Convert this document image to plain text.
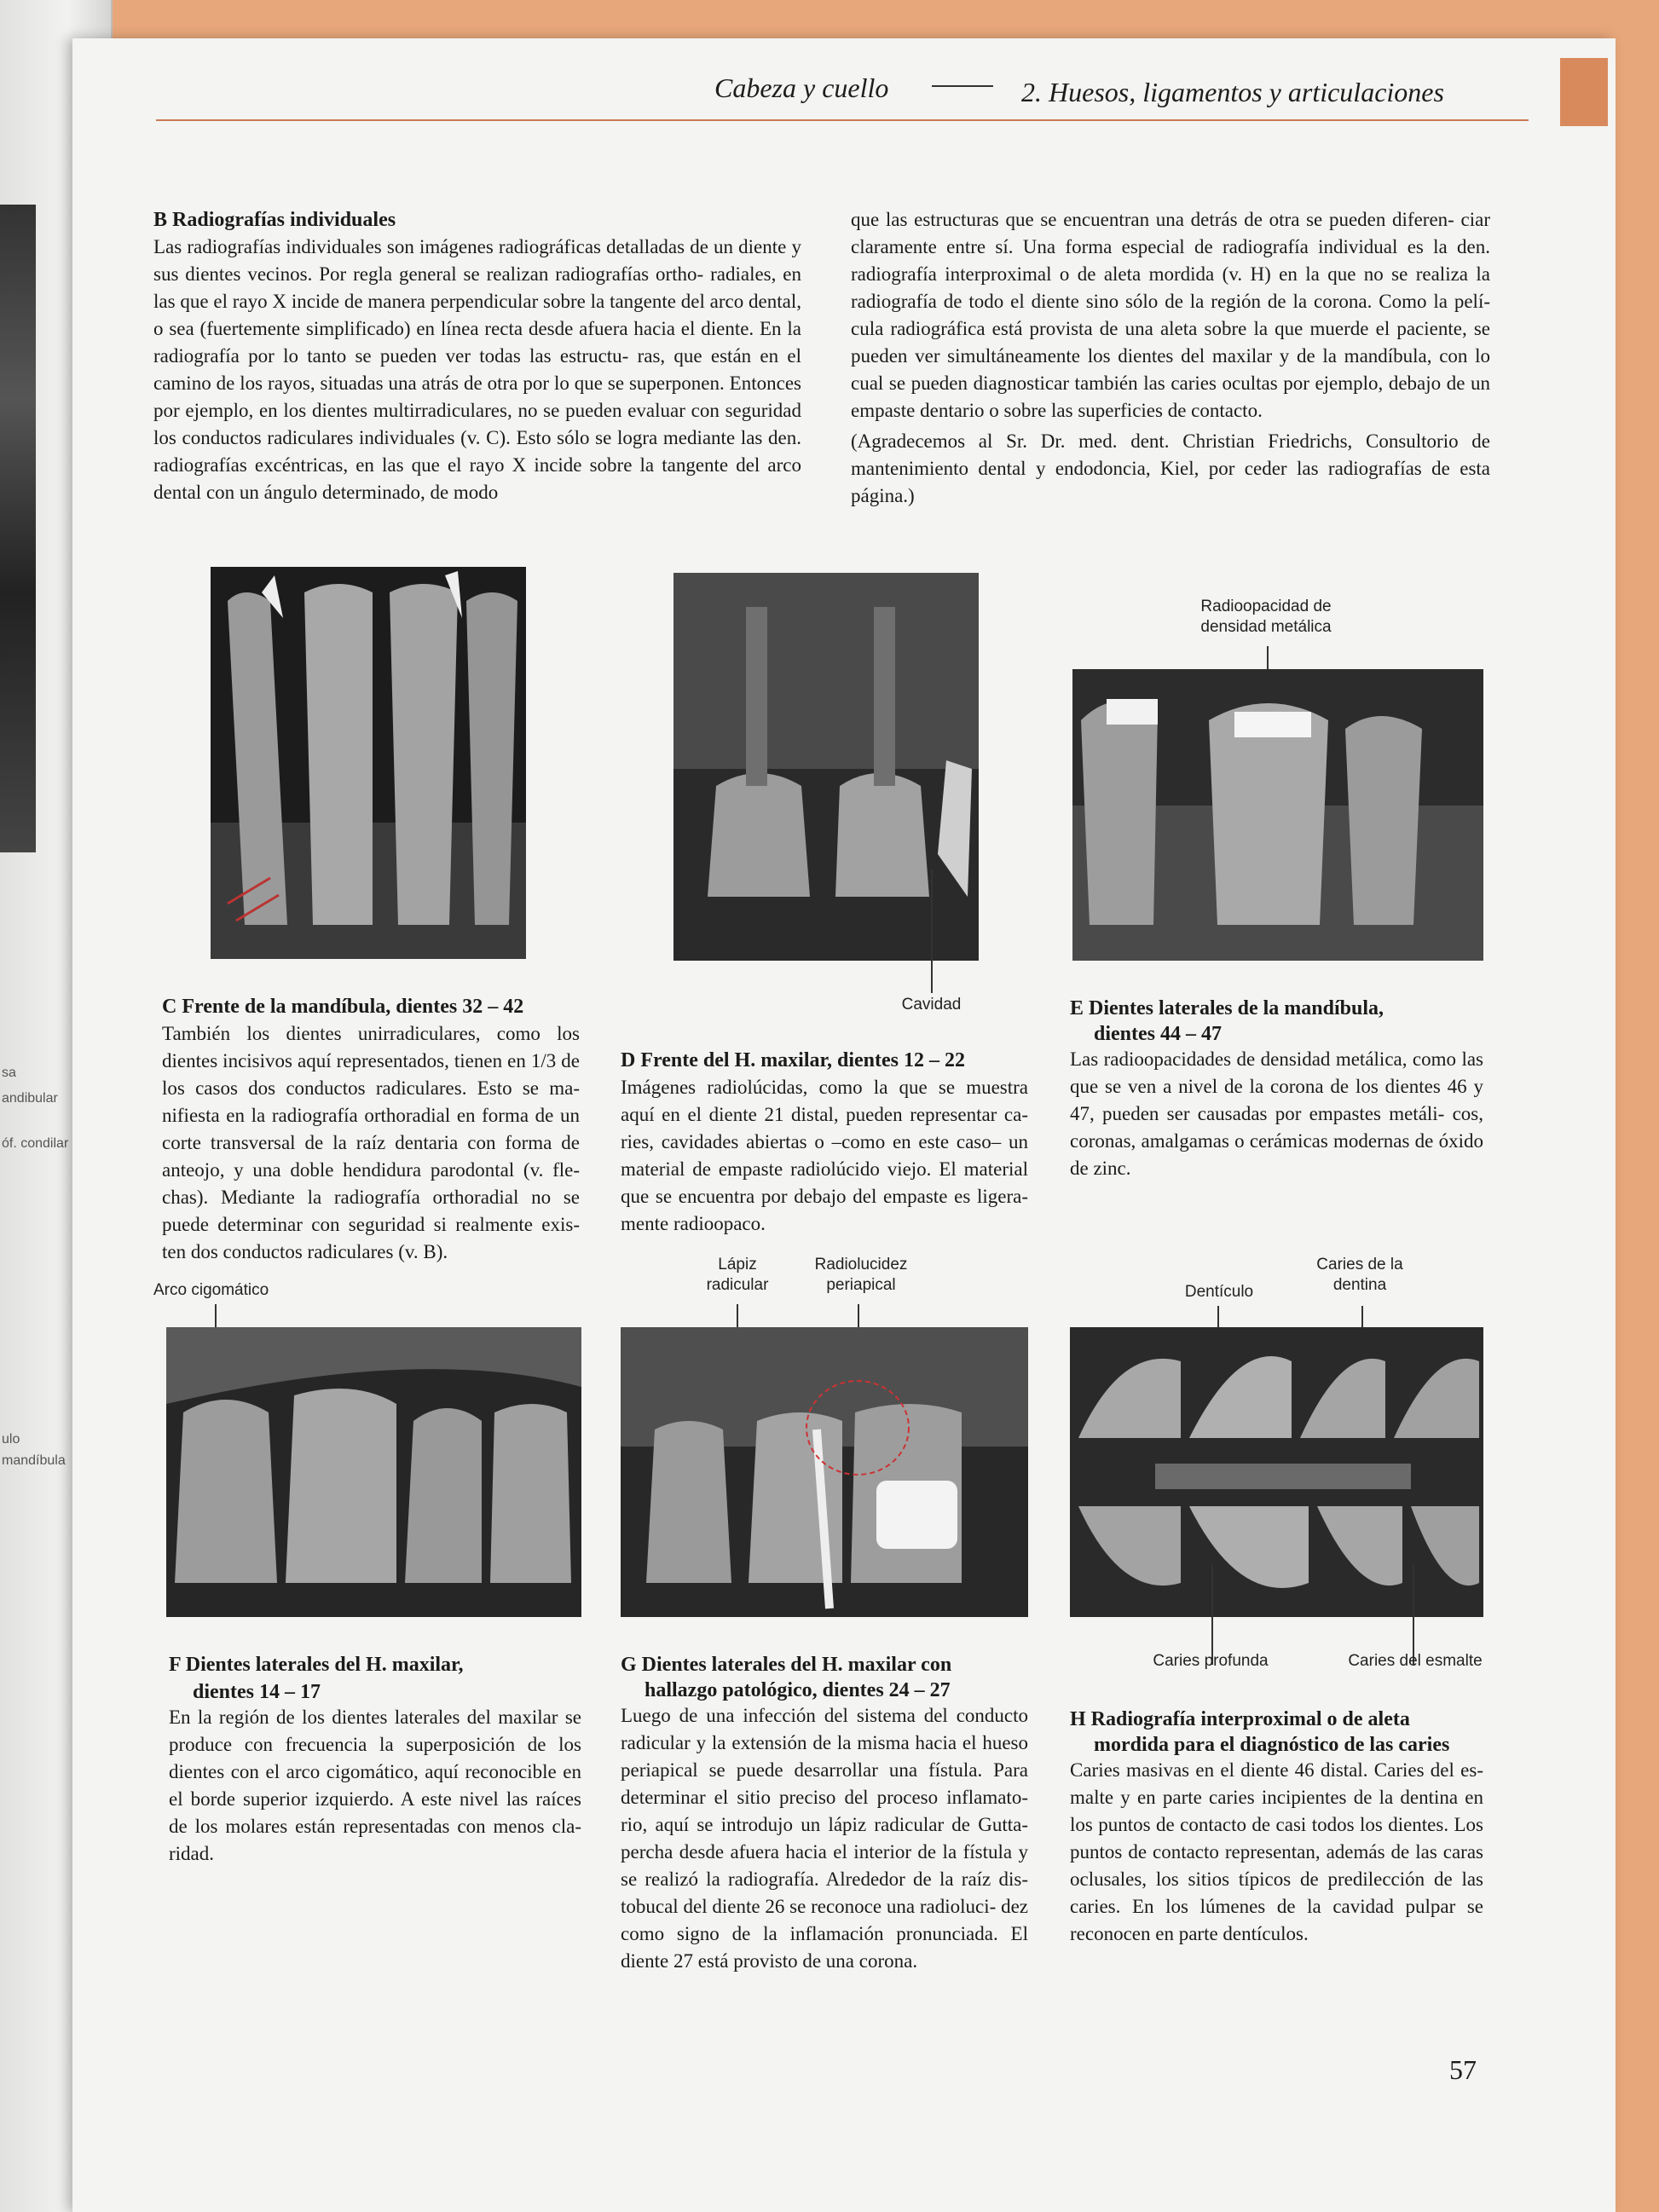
sa
andibular
óf. condilar
ulo
mandíbula
Cabeza y cuello	2. Huesos, ligamentos y articulaciones
B Radiografías individuales
Las radiografías individuales son imágenes radiográficas detalladas de un diente y sus dientes vecinos. Por regla general se realizan radiografías ortho- radiales, en las que el rayo X incide de manera perpendicular sobre la tangente del arco dental, o sea (fuertemente simplificado) en línea recta desde afuera hacia el diente. En la radiografía por lo tanto se pueden ver todas las estructu- ras, que están en el camino de los rayos, situadas una atrás de otra por lo que se superponen. Entonces por ejemplo, en los dientes multirradiculares, no se pueden evaluar con seguridad los conductos radiculares individuales (v. C). Esto sólo se logra mediante las den. radiografías excéntricas, en las que el rayo X incide sobre la tangente del arco dental con un ángulo determinado, de modo
que las estructuras que se encuentran una detrás de otra se pueden diferen- ciar claramente entre sí. Una forma especial de radiografía individual es la den. radiografía interproximal o de aleta mordida (v. H) en la que no se realiza la radiografía de todo el diente sino sólo de la región de la corona. Como la pelí- cula radiográfica está provista de una aleta sobre la que muerde el paciente, se pueden ver simultáneamente los dientes del maxilar y de la mandíbula, con lo cual se pueden diagnosticar también las caries ocultas por ejemplo, debajo de un empaste dentario o sobre las superficies de contacto.
(Agradecemos al Sr. Dr. med. dent. Christian Friedrichs, Consultorio de mantenimiento dental y endodoncia, Kiel, por ceder las radiografías de esta página.)
Cavidad
Radioopacidad de densidad metálica
C Frente de la mandíbula, dientes 32 – 42
También los dientes unirradiculares, como los dientes incisivos aquí representados, tienen en 1/3 de los casos dos conductos radiculares. Esto se ma- nifiesta en la radiografía orthoradial en forma de un corte transversal de la raíz dentaria con forma de anteojo, y una doble hendidura parodontal (v. fle- chas). Mediante la radiografía orthoradial no se puede determinar con seguridad si realmente exis- ten dos conductos radiculares (v. B).
D Frente del H. maxilar, dientes 12 – 22
Imágenes radiolúcidas, como la que se muestra aquí en el diente 21 distal, pueden representar ca- ries, cavidades abiertas o –como en este caso– un material de empaste radiolúcido viejo. El material que se encuentra por debajo del empaste es ligera- mente radioopaco.
E Dientes laterales de la mandíbula,
dientes 44 – 47
Las radioopacidades de densidad metálica, como las que se ven a nivel de la corona de los dientes 46 y 47, pueden ser causadas por empastes metáli- cos, coronas, amalgamas o cerámicas modernas de óxido de zinc.
Arco cigomático
Lápiz radicular
Radiolucidez periapical	Dentículo
Caries de la dentina
Caries profunda	Caries del esmalte
F Dientes laterales del H. maxilar,
dientes 14 – 17
En la región de los dientes laterales del maxilar se produce con frecuencia la superposición de los dientes con el arco cigomático, aquí reconocible en el borde superior izquierdo. A este nivel las raíces de los molares están representadas con menos cla- ridad.
G Dientes laterales del H. maxilar con
hallazgo patológico, dientes 24 – 27
Luego de una infección del sistema del conducto radicular y la extensión de la misma hacia el hueso periapical se puede desarrollar una fístula. Para determinar el sitio preciso del proceso inflamato- rio, aquí se introdujo un lápiz radicular de Gutta- percha desde afuera hacia el interior de la fístula y se realizó la radiografía. Alrededor de la raíz dis- tobucal del diente 26 se reconoce una radioluci- dez como signo de la inflamación pronunciada. El diente 27 está provisto de una corona.
H Radiografía interproximal o de aleta
mordida para el diagnóstico de las caries
Caries masivas en el diente 46 distal. Caries del es- malte y en parte caries incipientes de la dentina en los puntos de contacto de casi todos los dientes. Los puntos de contacto representan, además de las caras oclusales, los sitios típicos de predilección de las caries. En los lúmenes de la cavidad pulpar se reconocen en parte dentículos.
57
